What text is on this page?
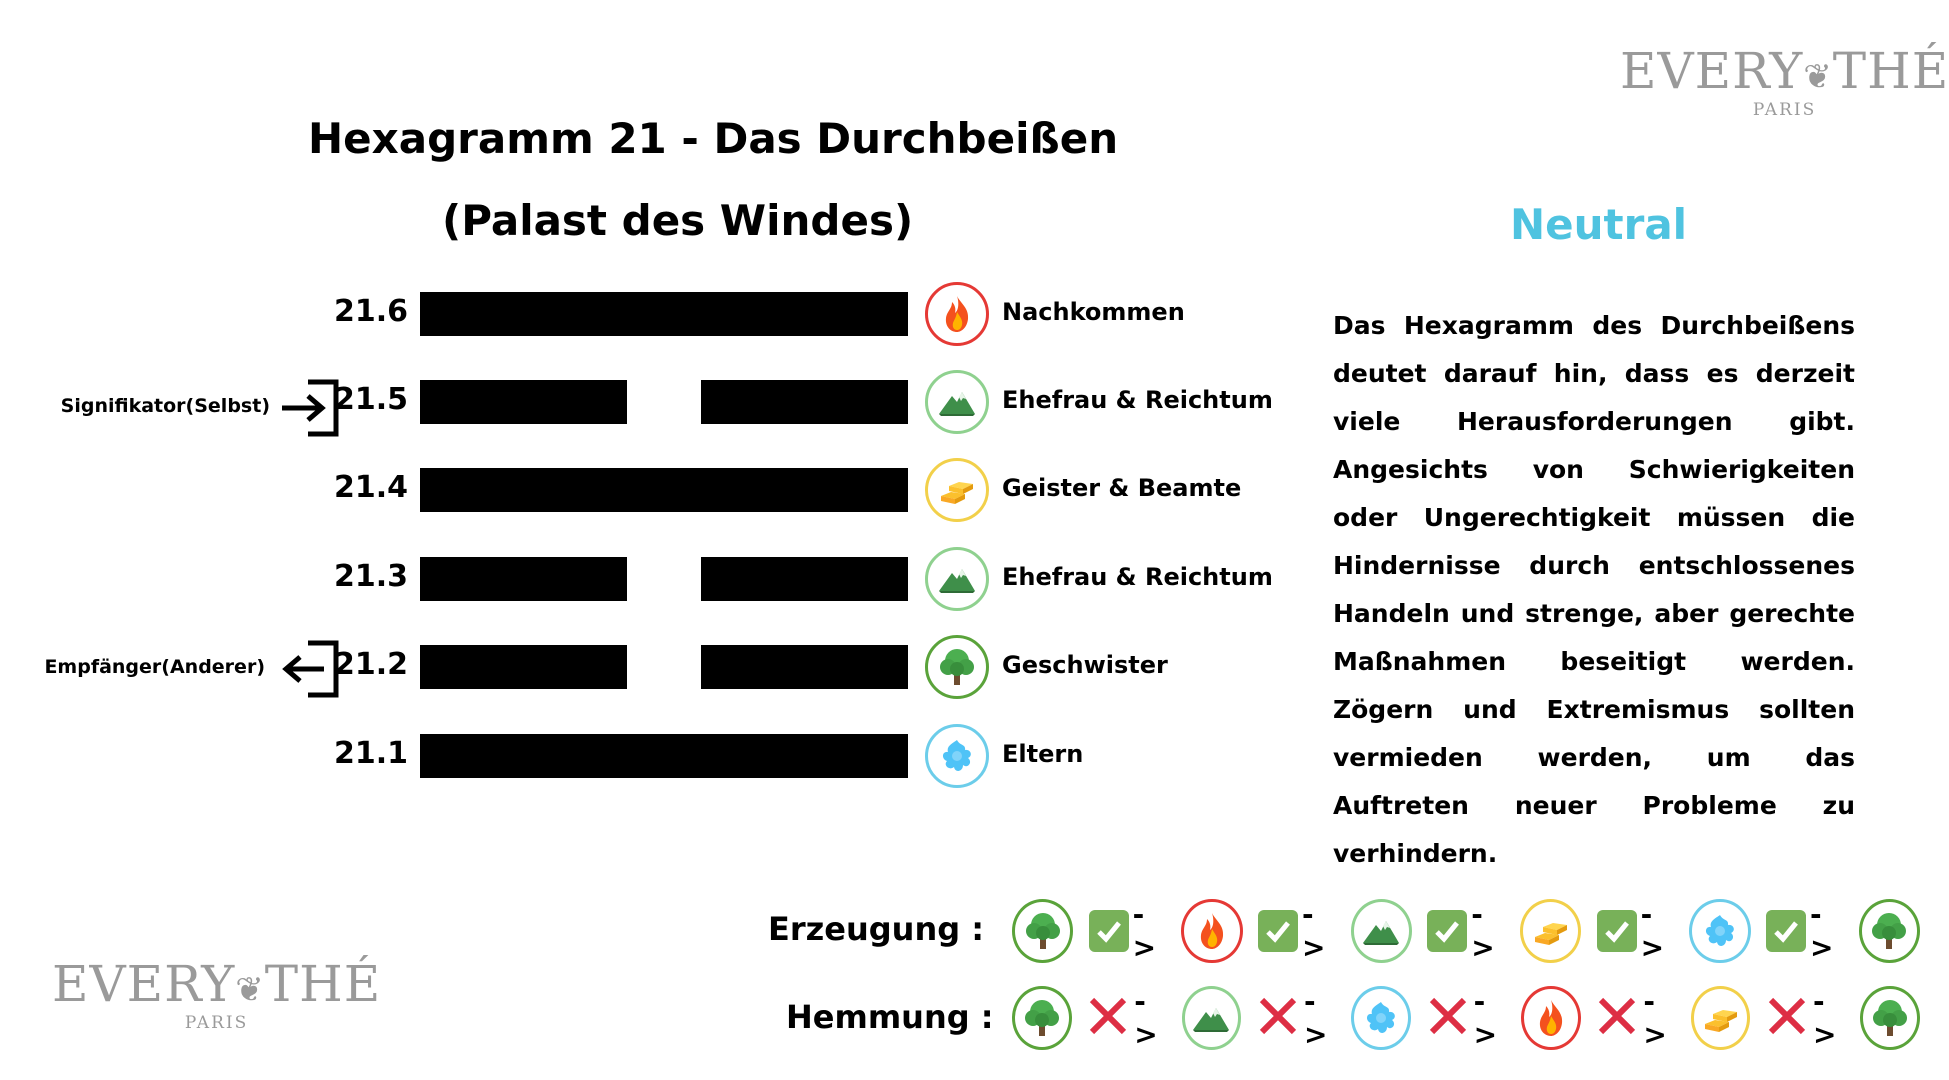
Hexagramm 21 - Das Durchbeißen
(Palast des Windes)
21.6	Nachkommen
21.5	Ehefrau & Reichtum
21.4	Geister & Beamte
21.3	Ehefrau & Reichtum
21.2	Geschwister
21.1	Eltern
Signifikator(Selbst)
Empfänger(Anderer)
Neutral
Das Hexagramm des Durchbeißens deutet darauf hin, dass es derzeit viele Herausforderungen gibt. Angesichts von Schwierigkeiten oder Ungerechtigkeit müssen die Hindernisse durch entschlossenes Handeln und strenge, aber gerechte Maßnahmen beseitigt werden. Zögern und Extremismus sollten vermieden werden, um das Auftreten neuer Probleme zu verhindern.
Erzeugung :	- >
- >
- >
- >
- >
Hemmung :	- >
- >
- >
- >
- >
EVERY❦THÉ
PARIS
EVERY❦THÉ
PARIS
